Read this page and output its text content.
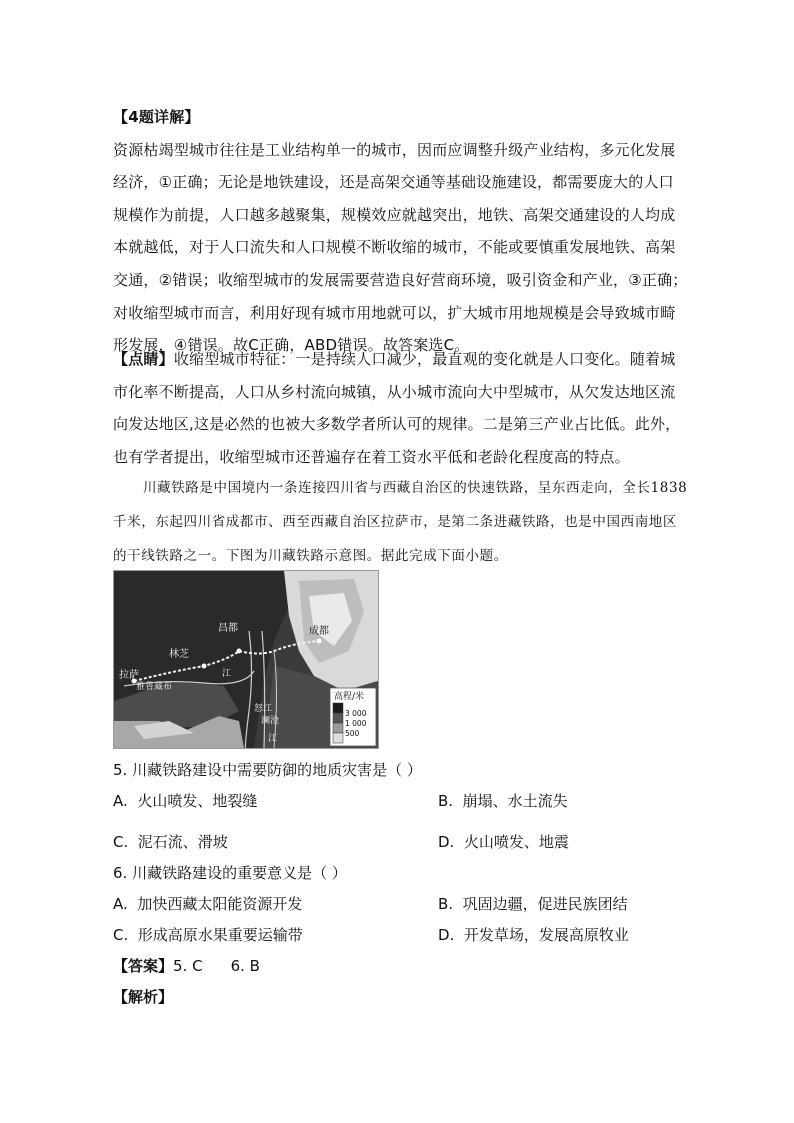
【4题详解】
资源枯竭型城市往往是工业结构单一的城市，因而应调整升级产业结构，多元化发展经济，①正确；无论是地铁建设，还是高架交通等基础设施建设，都需要庞大的人口规模作为前提，人口越多越聚集，规模效应就越突出，地铁、高架交通建设的人均成本就越低，对于人口流失和人口规模不断收缩的城市，不能或要慎重发展地铁、高架交通，②错误；收缩型城市的发展需要营造良好营商环境，吸引资金和产业，③正确；对收缩型城市而言，利用好现有城市用地就可以，扩大城市用地规模是会导致城市畸形发展，④错误。故C正确，ABD错误。故答案选C。

【点睛】收缩型城市特征：一是持续人口减少，最直观的变化就是人口变化。随着城市化率不断提高，人口从乡村流向城镇，从小城市流向大中型城市，从欠发达地区流向发达地区,这是必然的也被大多数学者所认可的规律。二是第三产业占比低。此外，也有学者提出，收缩型城市还普遍存在着工资水平低和老龄化程度高的特点。

川藏铁路是中国境内一条连接四川省与西藏自治区的快速铁路，呈东西走向，全长1838千米，东起四川省成都市、西至西藏自治区拉萨市，是第二条进藏铁路，也是中国西南地区的干线铁路之一。下图为川藏铁路示意图。据此完成下面小题。

拉萨
林芝
昌都	成都
雅鲁藏布
江
怒江
澜沧
江
高程/米
3 000
1 000
500

5. 川藏铁路建设中需要防御的地质灾害是（ ）

A. 火山喷发、地裂缝	B. 崩塌、水土流失

C. 泥石流、滑坡	D. 火山喷发、地震

6. 川藏铁路建设的重要意义是（ ）

A. 加快西藏太阳能资源开发	B. 巩固边疆，促进民族团结

C. 形成高原水果重要运输带	D. 开发草场，发展高原牧业

【答案】5. C 6. B

【解析】
